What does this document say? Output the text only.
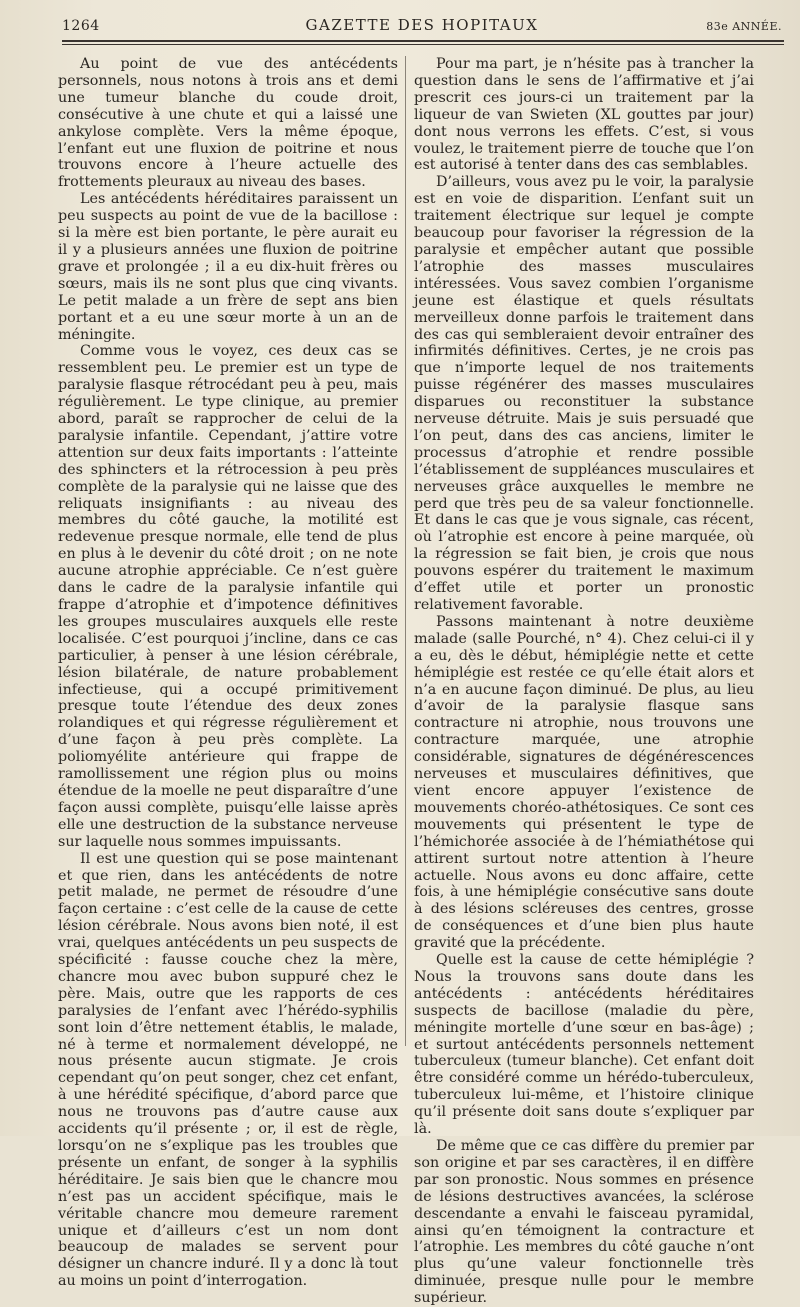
1264	GAZETTE DES HOPITAUX	83e ANNÉE.

Au point de vue des antécédents personnels, nous notons à trois ans et demi une tumeur blanche du coude droit, consécutive à une chute et qui a laissé une ankylose complète. Vers la même époque, l’enfant eut une fluxion de poitrine et nous trouvons encore à l’heure actuelle des frottements pleuraux au niveau des bases.

Les antécédents héréditaires paraissent un peu suspects au point de vue de la bacillose : si la mère est bien portante, le père aurait eu il y a plusieurs années une fluxion de poitrine grave et prolongée ; il a eu dix-huit frères ou sœurs, mais ils ne sont plus que cinq vivants. Le petit malade a un frère de sept ans bien portant et a eu une sœur morte à un an de méningite.

Comme vous le voyez, ces deux cas se ressemblent peu. Le premier est un type de paralysie flasque rétrocédant peu à peu, mais régulièrement. Le type clinique, au premier abord, paraît se rapprocher de celui de la paralysie infantile. Cependant, j’attire votre attention sur deux faits importants : l’atteinte des sphincters et la rétrocession à peu près complète de la paralysie qui ne laisse que des reliquats insignifiants : au niveau des membres du côté gauche, la motilité est redevenue presque normale, elle tend de plus en plus à le devenir du côté droit ; on ne note aucune atrophie appréciable. Ce n’est guère dans le cadre de la paralysie infantile qui frappe d’atrophie et d’impotence définitives les groupes musculaires auxquels elle reste localisée. C’est pourquoi j’incline, dans ce cas particulier, à penser à une lésion cérébrale, lésion bilatérale, de nature probablement infectieuse, qui a occupé primitivement presque toute l’étendue des deux zones rolandiques et qui régresse régulièrement et d’une façon à peu près complète. La poliomyélite antérieure qui frappe de ramollissement une région plus ou moins étendue de la moelle ne peut disparaître d’une façon aussi complète, puisqu’elle laisse après elle une destruction de la substance nerveuse sur laquelle nous sommes impuissants.

Il est une question qui se pose maintenant et que rien, dans les antécédents de notre petit malade, ne permet de résoudre d’une façon certaine : c’est celle de la cause de cette lésion cérébrale. Nous avons bien noté, il est vrai, quelques antécédents un peu suspects de spécificité : fausse couche chez la mère, chancre mou avec bubon suppuré chez le père. Mais, outre que les rapports de ces paralysies de l’enfant avec l’hérédo-syphilis sont loin d’être nettement établis, le malade, né à terme et normalement développé, ne nous présente aucun stigmate. Je crois cependant qu’on peut songer, chez cet enfant, à une hérédité spécifique, d’abord parce que nous ne trouvons pas d’autre cause aux accidents qu’il présente ; or, il est de règle, lorsqu’on ne s’explique pas les troubles que présente un enfant, de songer à la syphilis héréditaire. Je sais bien que le chancre mou n’est pas un accident spécifique, mais le véritable chancre mou demeure rarement unique et d’ailleurs c’est un nom dont beaucoup de malades se servent pour désigner un chancre induré. Il y a donc là tout au moins un point d’interrogation.

Pour ma part, je n’hésite pas à trancher la question dans le sens de l’affirmative et j’ai prescrit ces jours-ci un traitement par la liqueur de van Swieten (XL gouttes par jour) dont nous verrons les effets. C’est, si vous voulez, le traitement pierre de touche que l’on est autorisé à tenter dans des cas semblables.

D’ailleurs, vous avez pu le voir, la paralysie est en voie de disparition. L’enfant suit un traitement électrique sur lequel je compte beaucoup pour favoriser la régression de la paralysie et empêcher autant que possible l’atrophie des masses musculaires intéressées. Vous savez combien l’organisme jeune est élastique et quels résultats merveilleux donne parfois le traitement dans des cas qui sembleraient devoir entraîner des infirmités définitives. Certes, je ne crois pas que n’importe lequel de nos traitements puisse régénérer des masses musculaires disparues ou reconstituer la substance nerveuse détruite. Mais je suis persuadé que l’on peut, dans des cas anciens, limiter le processus d’atrophie et rendre possible l’établissement de suppléances musculaires et nerveuses grâce auxquelles le membre ne perd que très peu de sa valeur fonctionnelle. Et dans le cas que je vous signale, cas récent, où l’atrophie est encore à peine marquée, où la régression se fait bien, je crois que nous pouvons espérer du traitement le maximum d’effet utile et porter un pronostic relativement favorable.

Passons maintenant à notre deuxième malade (salle Pourché, n° 4). Chez celui-ci il y a eu, dès le début, hémiplégie nette et cette hémiplégie est restée ce qu’elle était alors et n’a en aucune façon diminué. De plus, au lieu d’avoir de la paralysie flasque sans contracture ni atrophie, nous trouvons une contracture marquée, une atrophie considérable, signatures de dégénérescences nerveuses et musculaires définitives, que vient encore appuyer l’existence de mouvements choréo-athétosiques. Ce sont ces mouvements qui présentent le type de l’hémichorée associée à de l’hémiathétose qui attirent surtout notre attention à l’heure actuelle. Nous avons eu donc affaire, cette fois, à une hémiplégie consécutive sans doute à des lésions scléreuses des centres, grosse de conséquences et d’une bien plus haute gravité que la précédente.

Quelle est la cause de cette hémiplégie ? Nous la trouvons sans doute dans les antécédents : antécédents héréditaires suspects de bacillose (maladie du père, méningite mortelle d’une sœur en bas-âge) ; et surtout antécédents personnels nettement tuberculeux (tumeur blanche). Cet enfant doit être considéré comme un hérédo-tuberculeux, tuberculeux lui-même, et l’histoire clinique qu’il présente doit sans doute s’expliquer par là.

De même que ce cas diffère du premier par son origine et par ses caractères, il en diffère par son pronostic. Nous sommes en présence de lésions destructives avancées, la sclérose descendante a envahi le faisceau pyramidal, ainsi qu’en témoignent la contracture et l’atrophie. Les membres du côté gauche n’ont plus qu’une valeur fonctionnelle très diminuée, presque nulle pour le membre supérieur.
